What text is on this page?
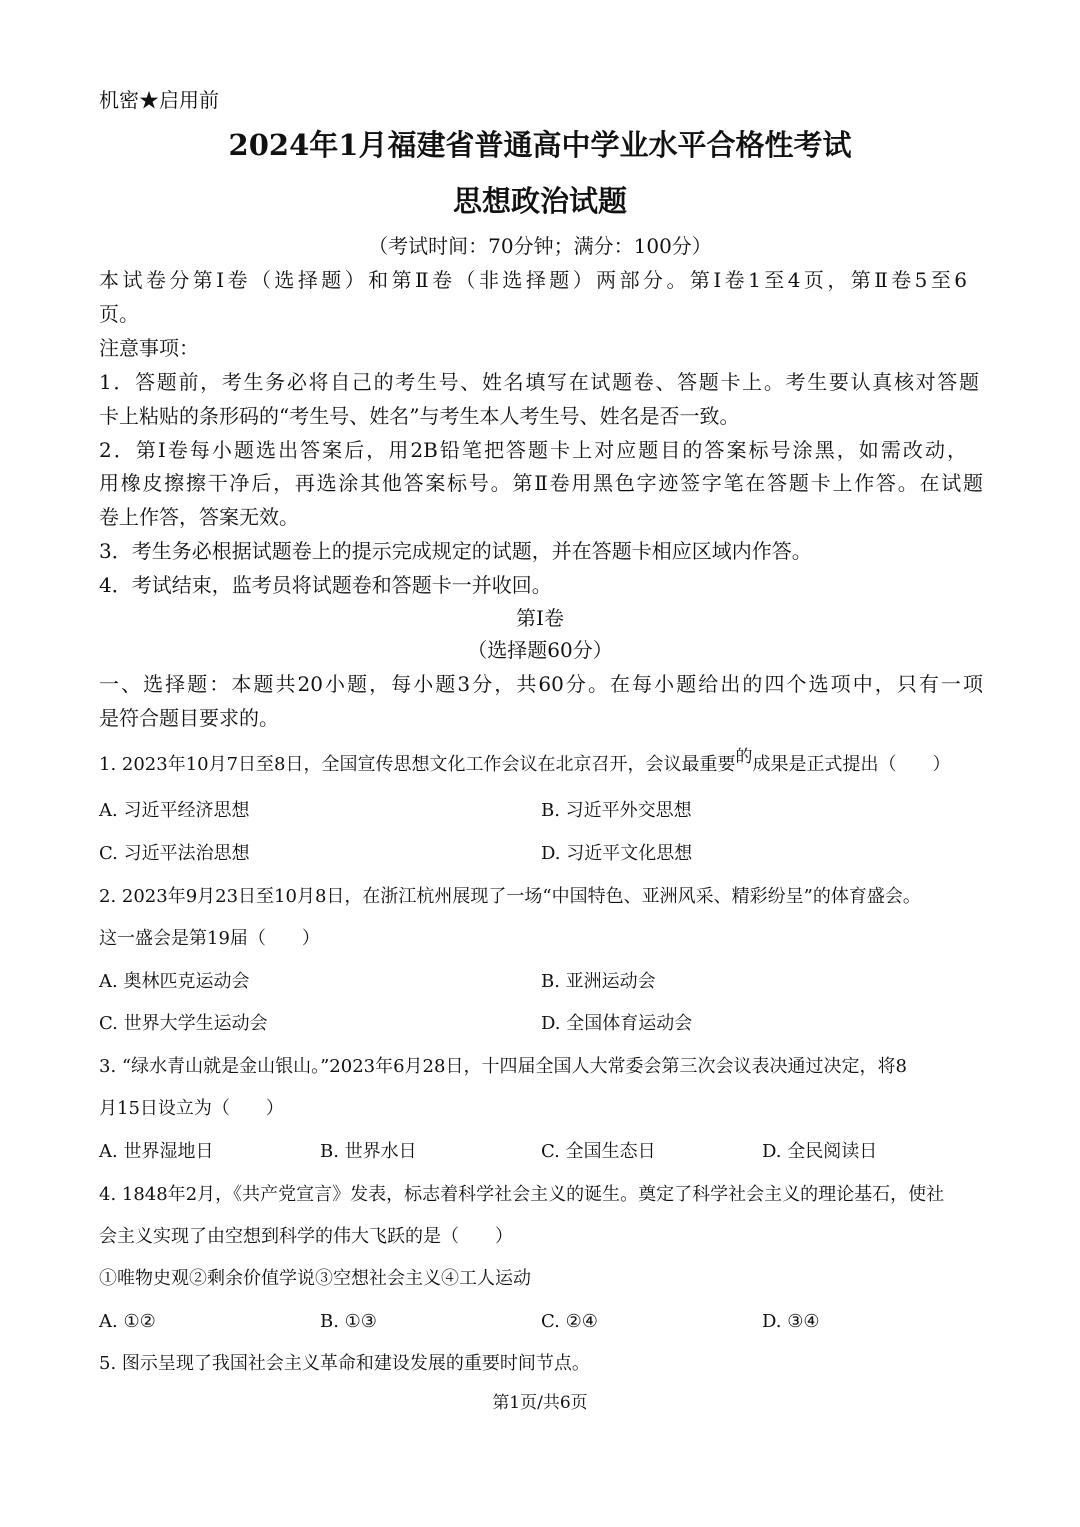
机密★启用前
2024年1月福建省普通高中学业水平合格性考试
思想政治试题
（考试时间：70分钟；满分：100分）
本试卷分第Ⅰ卷（选择题）和第Ⅱ卷（非选择题）两部分。第Ⅰ卷1至4页，第Ⅱ卷5至6
页。
注意事项：
1．答题前，考生务必将自己的考生号、姓名填写在试题卷、答题卡上。考生要认真核对答题
卡上粘贴的条形码的“考生号、姓名”与考生本人考生号、姓名是否一致。
2．第Ⅰ卷每小题选出答案后，用2B铅笔把答题卡上对应题目的答案标号涂黑，如需改动，
用橡皮擦擦干净后，再选涂其他答案标号。第Ⅱ卷用黑色字迹签字笔在答题卡上作答。在试题
卷上作答，答案无效。
3．考生务必根据试题卷上的提示完成规定的试题，并在答题卡相应区域内作答。
4．考试结束，监考员将试题卷和答题卡一并收回。
第Ⅰ卷
（选择题60分）
一、选择题：本题共20小题，每小题3分，共60分。在每小题给出的四个选项中，只有一项
是符合题目要求的。
1. 2023年10月7日至8日，全国宣传思想文化工作会议在北京召开，会议最重要的成果是正式提出（　　）
A. 习近平经济思想	B. 习近平外交思想
C. 习近平法治思想	D. 习近平文化思想
2. 2023年9月23日至10月8日，在浙江杭州展现了一场“中国特色、亚洲风采、精彩纷呈”的体育盛会。
这一盛会是第19届（　　）
A. 奥林匹克运动会	B. 亚洲运动会
C. 世界大学生运动会	D. 全国体育运动会
3. “绿水青山就是金山银山。”2023年6月28日，十四届全国人大常委会第三次会议表决通过决定，将8
月15日设立为（　　）
A. 世界湿地日	B. 世界水日	C. 全国生态日	D. 全民阅读日
4. 1848年2月，《共产党宣言》发表，标志着科学社会主义的诞生。奠定了科学社会主义的理论基石，使社
会主义实现了由空想到科学的伟大飞跃的是（　　）
①唯物史观②剩余价值学说③空想社会主义④工人运动
A. ①②	B. ①③	C. ②④	D. ③④
5. 图示呈现了我国社会主义革命和建设发展的重要时间节点。
第1页/共6页
